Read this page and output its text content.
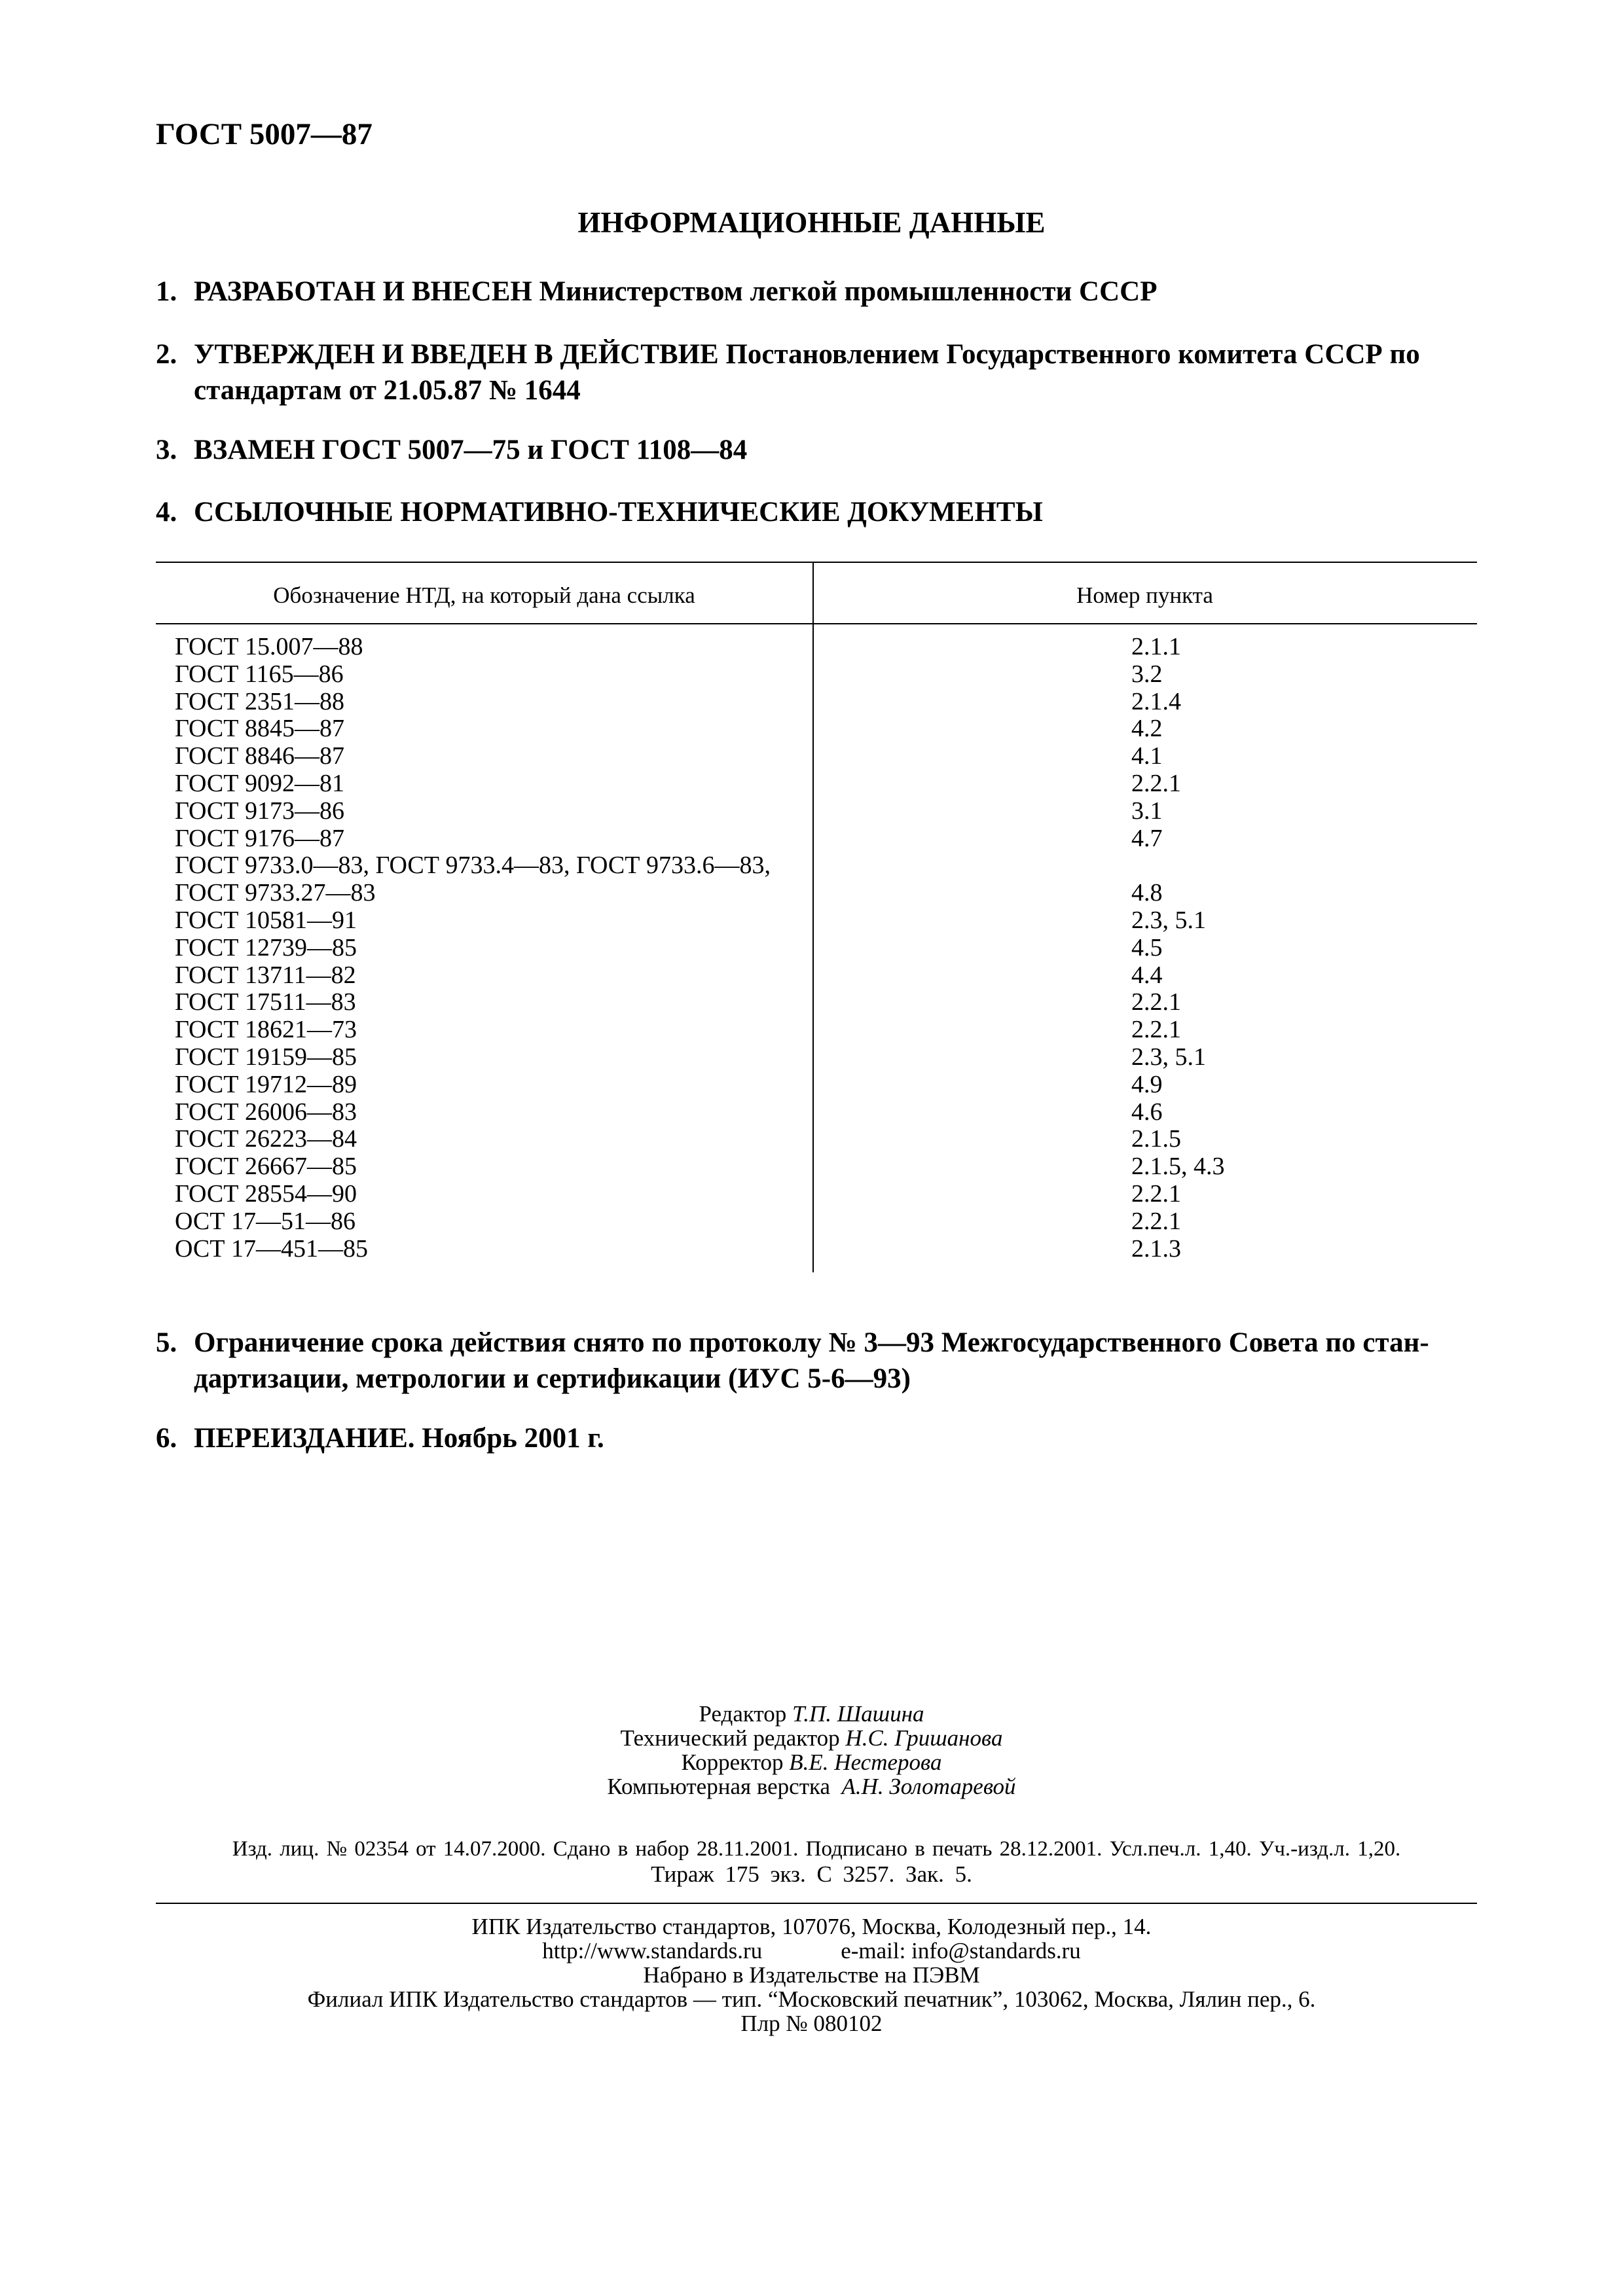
ГОСТ 5007—87
ИНФОРМАЦИОННЫЕ ДАННЫЕ
1. РАЗРАБОТАН И ВНЕСЕН Министерством легкой промышленности СССР
2. УТВЕРЖДЕН И ВВЕДЕН В ДЕЙСТВИЕ Постановлением Государственного комитета СССР по
стандартам от 21.05.87 № 1644
3. ВЗАМЕН ГОСТ 5007—75 и ГОСТ 1108—84
4. ССЫЛОЧНЫЕ НОРМАТИВНО-ТЕХНИЧЕСКИЕ ДОКУМЕНТЫ
Обозначение НТД, на который дана ссылка	Номер пункта
ГОСТ 15.007—88
ГОСТ 1165—86
ГОСТ 2351—88
ГОСТ 8845—87
ГОСТ 8846—87
ГОСТ 9092—81
ГОСТ 9173—86
ГОСТ 9176—87
ГОСТ 9733.0—83, ГОСТ 9733.4—83, ГОСТ 9733.6—83,
ГОСТ 9733.27—83
ГОСТ 10581—91
ГОСТ 12739—85
ГОСТ 13711—82
ГОСТ 17511—83
ГОСТ 18621—73
ГОСТ 19159—85
ГОСТ 19712—89
ГОСТ 26006—83
ГОСТ 26223—84
ГОСТ 26667—85
ГОСТ 28554—90
ОСТ 17—51—86
ОСТ 17—451—85
2.1.1
3.2
2.1.4
4.2
4.1
2.2.1
3.1
4.7
4.8
2.3, 5.1
4.5
4.4
2.2.1
2.2.1
2.3, 5.1
4.9
4.6
2.1.5
2.1.5, 4.3
2.2.1
2.2.1
2.1.3
5. Ограничение срока действия снято по протоколу № 3—93 Межгосударственного Совета по стан-
дартизации, метрологии и сертификации (ИУС 5-6—93)
6. ПЕРЕИЗДАНИЕ. Ноябрь 2001 г.
Редактор Т.П. Шашина
Технический редактор Н.С. Гришанова
Корректор В.Е. Нестерова
Компьютерная верстка А.Н. Золотаревой
Изд. лиц. № 02354 от 14.07.2000. Сдано в набор 28.11.2001. Подписано в печать 28.12.2001. Усл.печ.л. 1,40. Уч.-изд.л. 1,20.
Тираж 175 экз. С 3257. Зак. 5.
ИПК Издательство стандартов, 107076, Москва, Колодезный пер., 14.
http://www.standards.ru	e-mail: info@standards.ru
Набрано в Издательстве на ПЭВМ
Филиал ИПК Издательство стандартов — тип. “Московский печатник”, 103062, Москва, Лялин пер., 6.
Плр № 080102
